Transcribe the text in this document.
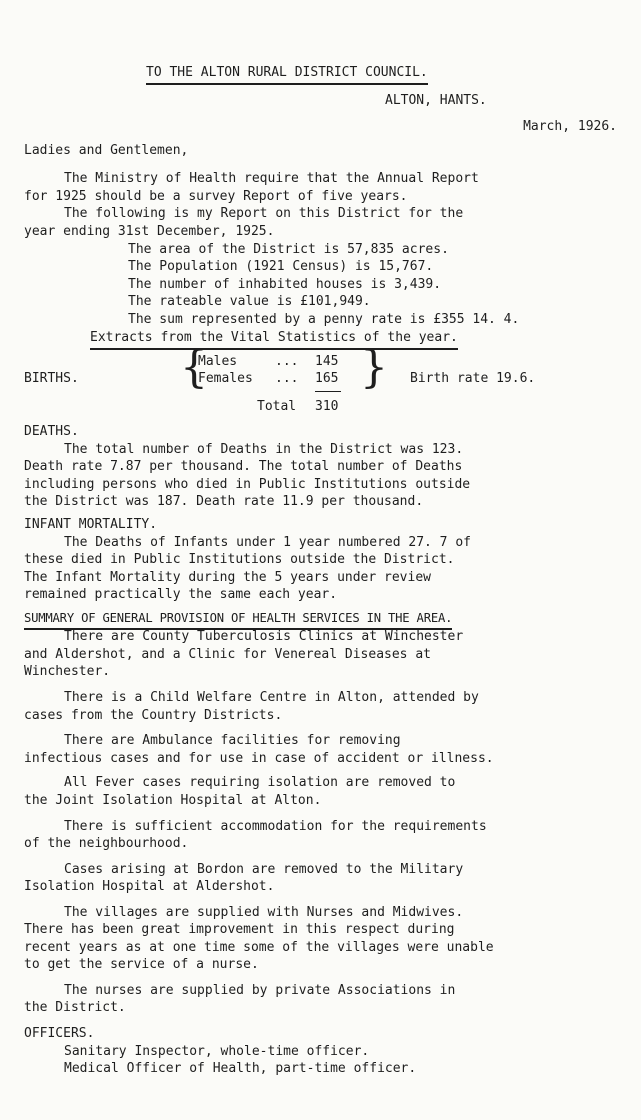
TO THE ALTON RURAL DISTRICT COUNCIL.
ALTON, HANTS.
March, 1926.
Ladies and Gentlemen,
The Ministry of Health require that the Annual Report
for 1925 should be a survey Report of five years.
The following is my Report on this District for the
year ending 31st December, 1925.
The area of the District is 57,835 acres.
The Population (1921 Census) is 15,767.
The number of inhabited houses is 3,439.
The rateable value is £101,949.
The sum represented by a penny rate is £355 14. 4.
Extracts from the Vital Statistics of the year.
BIRTHS. {
Males	... 145
Females ... 165 } Birth rate 19.6.
Total 310
DEATHS.
The total number of Deaths in the District was 123.
Death rate 7.87 per thousand. The total number of Deaths
including persons who died in Public Institutions outside
the District was 187. Death rate 11.9 per thousand.
INFANT MORTALITY.
The Deaths of Infants under 1 year numbered 27. 7 of
these died in Public Institutions outside the District.
The Infant Mortality during the 5 years under review
remained practically the same each year.
SUMMARY OF GENERAL PROVISION OF HEALTH SERVICES IN THE AREA.
There are County Tuberculosis Clinics at Winchester
and Aldershot, and a Clinic for Venereal Diseases at
Winchester.
There is a Child Welfare Centre in Alton, attended by
cases from the Country Districts.
There are Ambulance facilities for removing
infectious cases and for use in case of accident or illness.
All Fever cases requiring isolation are removed to
the Joint Isolation Hospital at Alton.
There is sufficient accommodation for the requirements
of the neighbourhood.
Cases arising at Bordon are removed to the Military
Isolation Hospital at Aldershot.
The villages are supplied with Nurses and Midwives.
There has been great improvement in this respect during
recent years as at one time some of the villages were unable
to get the service of a nurse.
The nurses are supplied by private Associations in
the District.
OFFICERS.
Sanitary Inspector, whole-time officer.
Medical Officer of Health, part-time officer.
